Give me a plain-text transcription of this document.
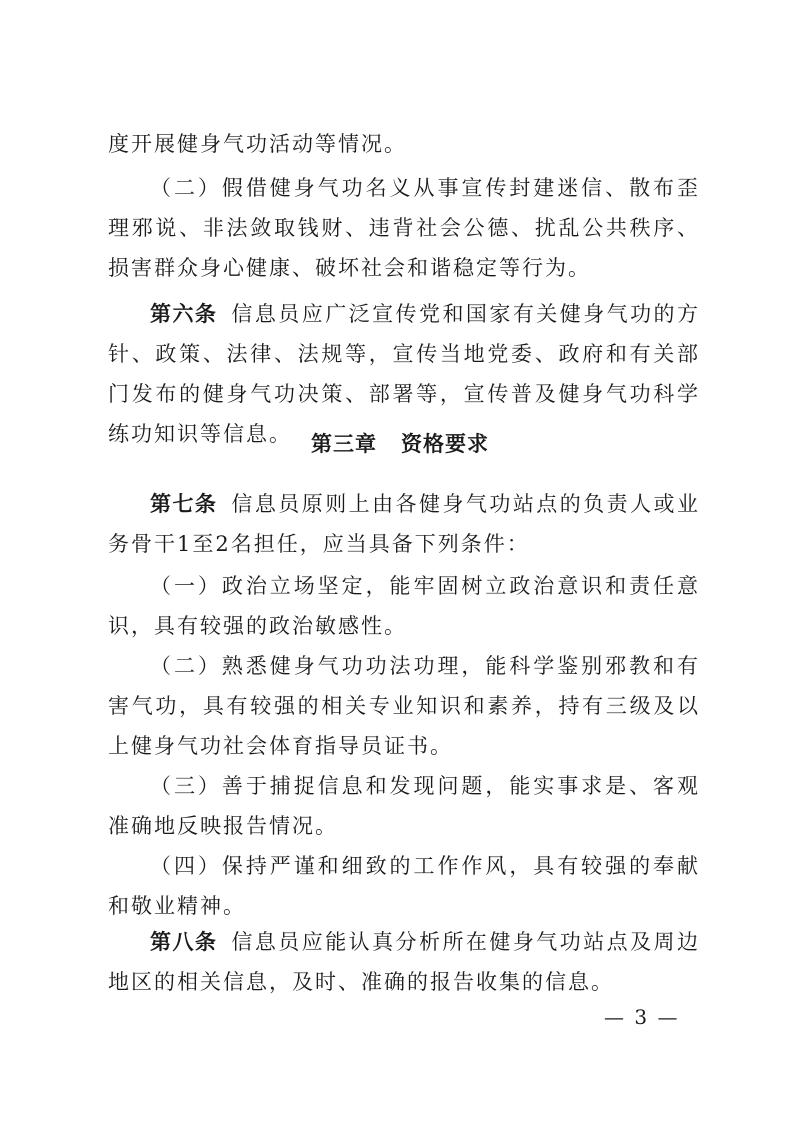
度开展健身气功活动等情况。

（二）假借健身气功名义从事宣传封建迷信、散布歪理邪说、非法敛取钱财、违背社会公德、扰乱公共秩序、损害群众身心健康、破坏社会和谐稳定等行为。

第六条 信息员应广泛宣传党和国家有关健身气功的方针、政策、法律、法规等，宣传当地党委、政府和有关部门发布的健身气功决策、部署等，宣传普及健身气功科学练功知识等信息。 第三章 资格要求

第七条 信息员原则上由各健身气功站点的负责人或业务骨干1至2名担任，应当具备下列条件：

（一）政治立场坚定，能牢固树立政治意识和责任意识，具有较强的政治敏感性。

（二）熟悉健身气功功法功理，能科学鉴别邪教和有害气功，具有较强的相关专业知识和素养，持有三级及以上健身气功社会体育指导员证书。

（三）善于捕捉信息和发现问题，能实事求是、客观准确地反映报告情况。

（四）保持严谨和细致的工作作风，具有较强的奉献和敬业精神。

第八条 信息员应能认真分析所在健身气功站点及周边地区的相关信息，及时、准确的报告收集的信息。

— 3 —
